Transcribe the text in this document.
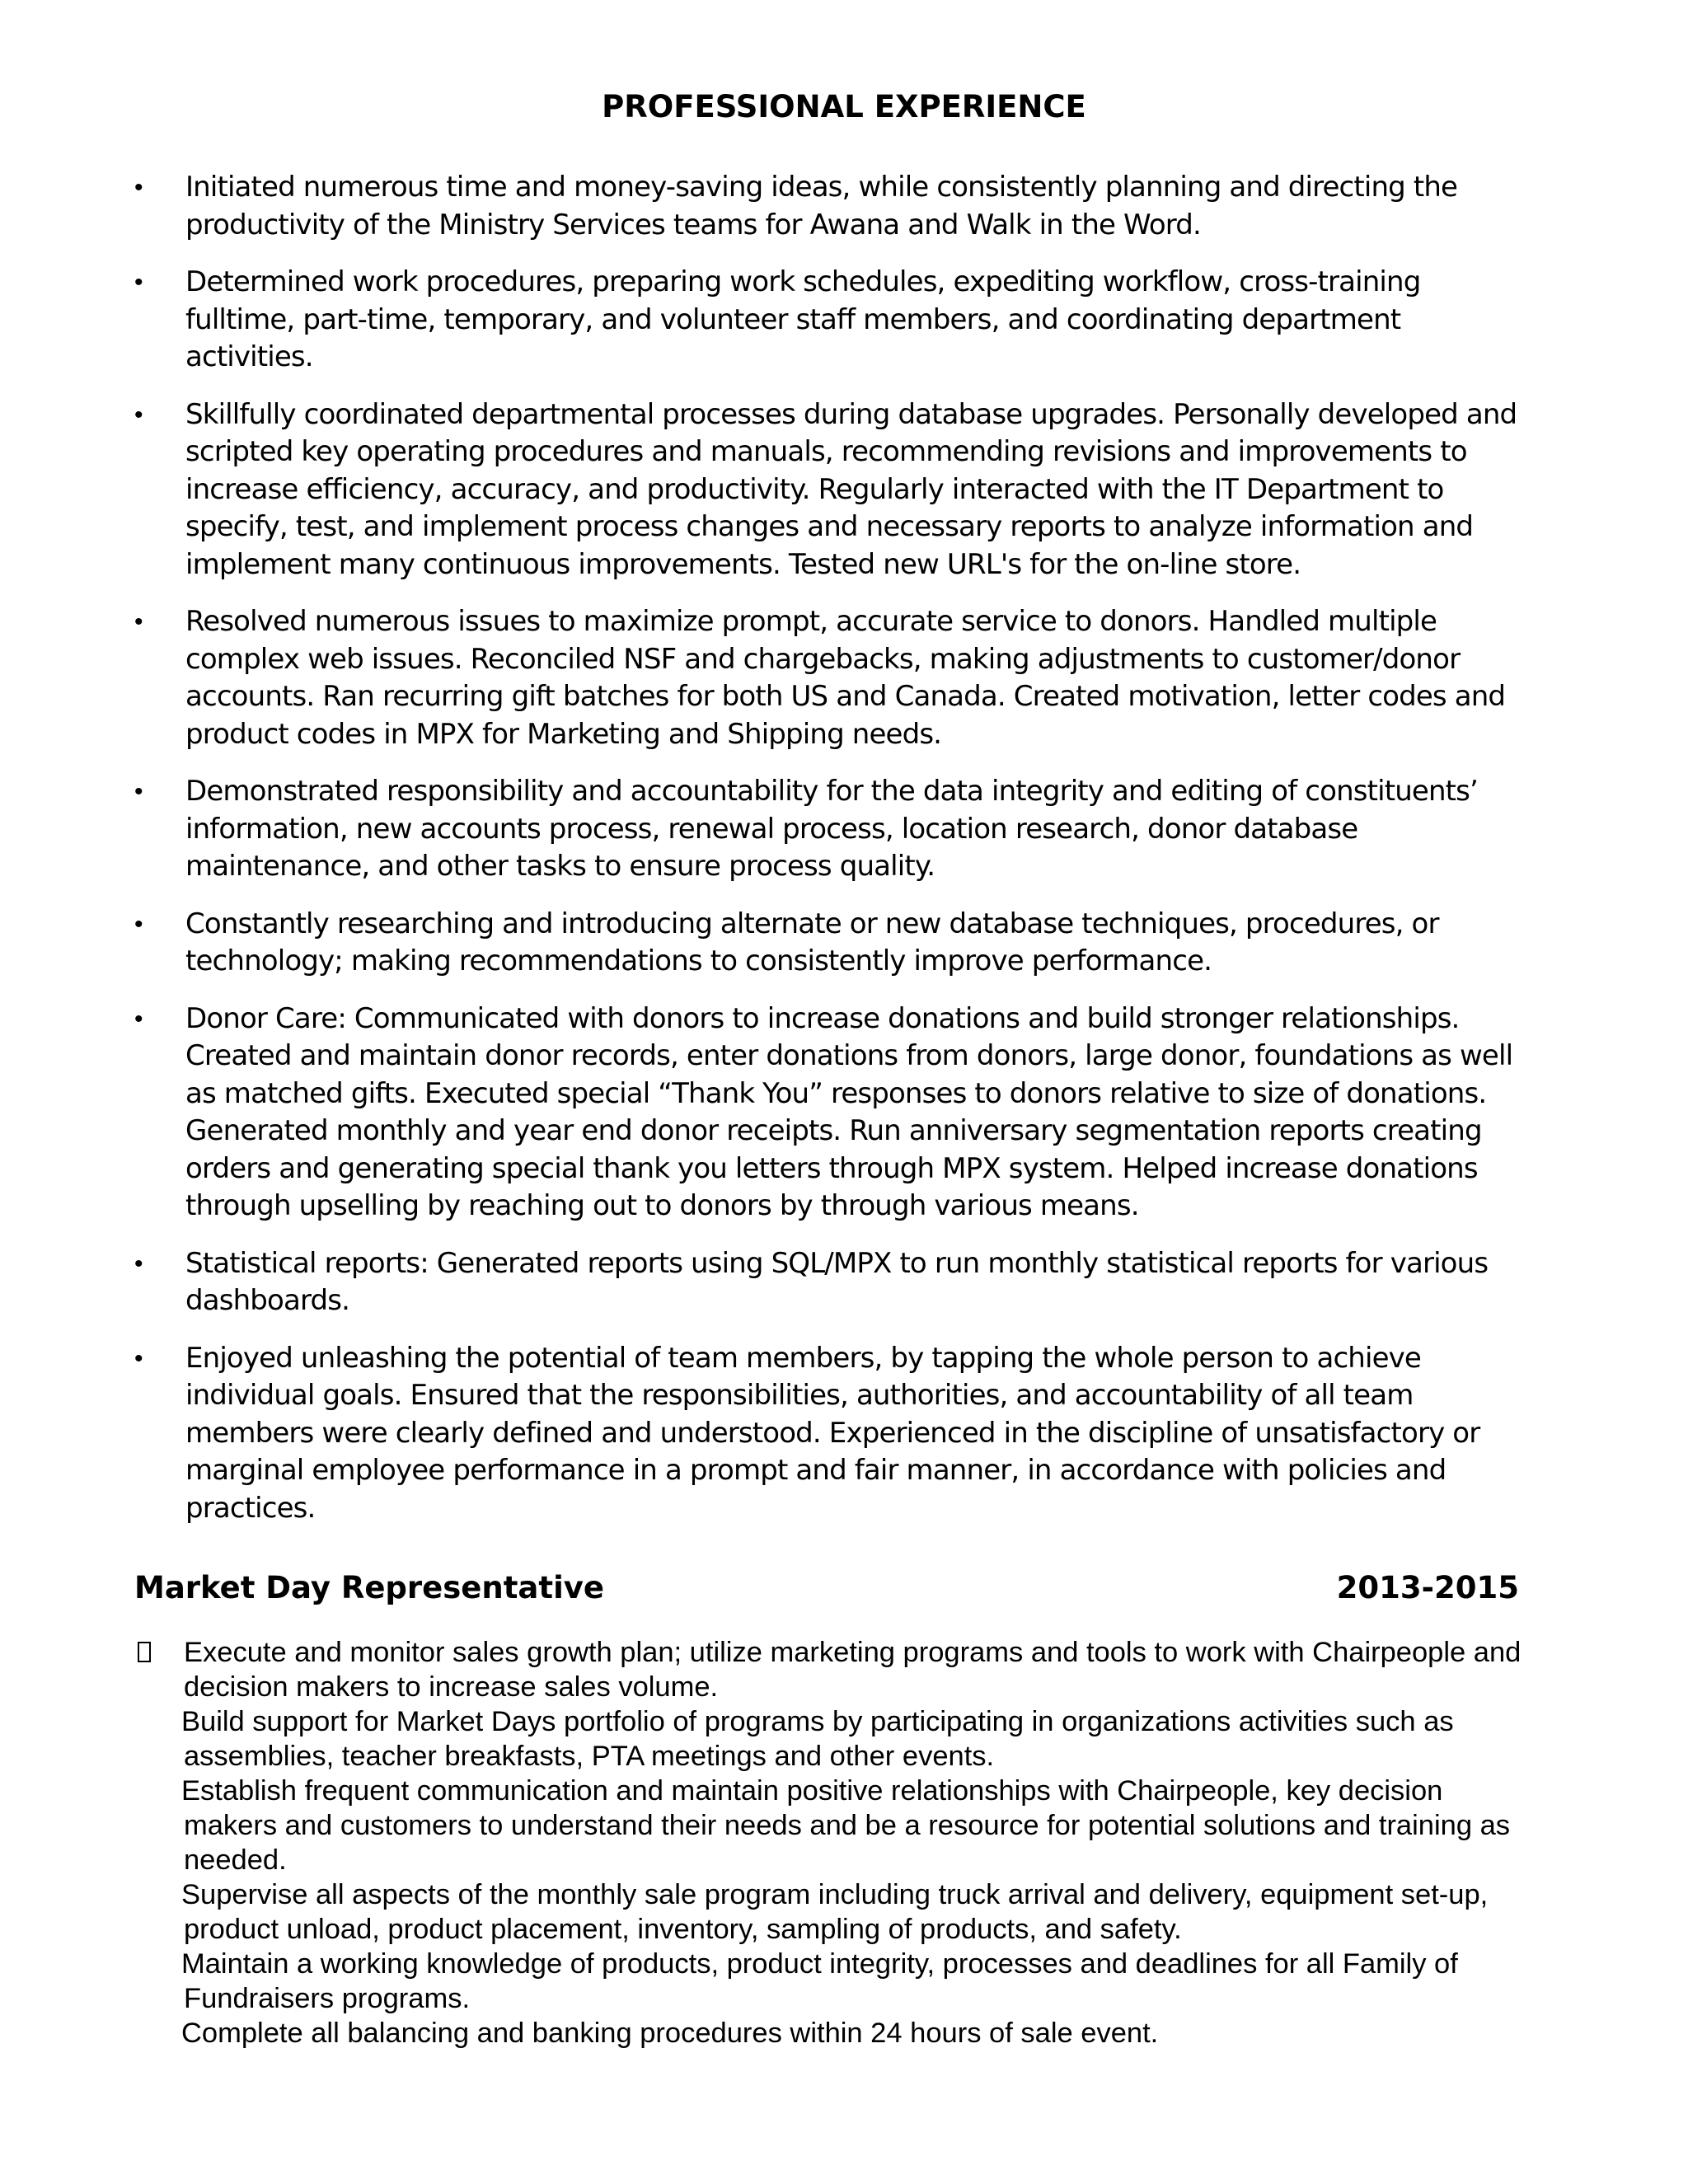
PROFESSIONAL EXPERIENCE
•	Initiated numerous time and money-saving ideas, while consistently planning and directing the productivity of the Ministry Services teams for Awana and Walk in the Word.
•	Determined work procedures, preparing work schedules, expediting workflow, cross-training fulltime, part-time, temporary, and volunteer staff members, and coordinating department activities.
•	Skillfully coordinated departmental processes during database upgrades. Personally developed and scripted key operating procedures and manuals, recommending revisions and improvements to increase efficiency, accuracy, and productivity. Regularly interacted with the IT Department to specify, test, and implement process changes and necessary reports to analyze information and implement many continuous improvements. Tested new URL's for the on-line store.
•	Resolved numerous issues to maximize prompt, accurate service to donors. Handled multiple complex web issues. Reconciled NSF and chargebacks, making adjustments to customer/donor accounts. Ran recurring gift batches for both US and Canada. Created motivation, letter codes and product codes in MPX for Marketing and Shipping needs.
•	Demonstrated responsibility and accountability for the data integrity and editing of constituents’ information, new accounts process, renewal process, location research, donor database maintenance, and other tasks to ensure process quality.
•	Constantly researching and introducing alternate or new database techniques, procedures, or technology; making recommendations to consistently improve performance.
•	Donor Care: Communicated with donors to increase donations and build stronger relationships. Created and maintain donor records, enter donations from donors, large donor, foundations as well as matched gifts. Executed special “Thank You” responses to donors relative to size of donations. Generated monthly and year end donor receipts. Run anniversary segmentation reports creating orders and generating special thank you letters through MPX system. Helped increase donations through upselling by reaching out to donors by through various means.
•	Statistical reports: Generated reports using SQL/MPX to run monthly statistical reports for various dashboards.
•	Enjoyed unleashing the potential of team members, by tapping the whole person to achieve individual goals. Ensured that the responsibilities, authorities, and accountability of all team members were clearly defined and understood. Experienced in the discipline of unsatisfactory or marginal employee performance in a prompt and fair manner, in accordance with policies and practices.
Market Day Representative	2013-2015

Execute and monitor sales growth plan; utilize marketing programs and tools to work with Chairpeople and decision makers to increase sales volume.

Build support for Market Days portfolio of programs by participating in organizations activities such as assemblies, teacher breakfasts, PTA meetings and other events.

Establish frequent communication and maintain positive relationships with Chairpeople, key decision makers and customers to understand their needs and be a resource for potential solutions and training as needed.

Supervise all aspects of the monthly sale program including truck arrival and delivery, equipment set-up, product unload, product placement, inventory, sampling of products, and safety.

Maintain a working knowledge of products, product integrity, processes and deadlines for all Family of Fundraisers programs.

Complete all balancing and banking procedures within 24 hours of sale event.
